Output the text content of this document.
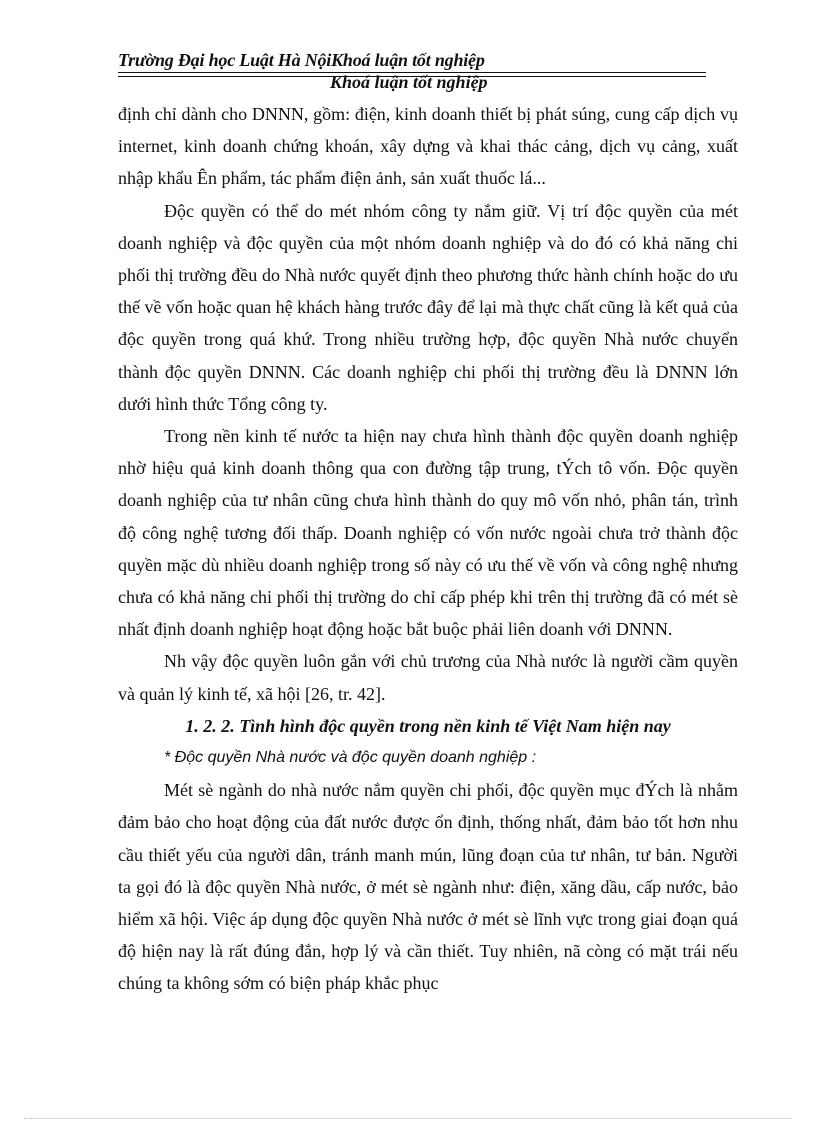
Trường Đại học Luật Hà NộiKhoá luận tốt nghiệp
Khoá luận tốt nghiệp

định chỉ dành cho DNNN, gồm: điện, kinh doanh thiết bị phát súng, cung cấp dịch vụ internet, kinh doanh chứng khoán, xây dựng và khai thác cảng, dịch vụ cảng, xuất nhập khẩu Ên phẩm, tác phẩm điện ảnh, sản xuất thuốc lá...

Độc quyền có thể do mét nhóm công ty nắm giữ. Vị trí độc quyền của mét doanh nghiệp và độc quyền của một nhóm doanh nghiệp và do đó có khả năng chi phối thị trường đều do Nhà nước quyết định theo phương thức hành chính hoặc do ưu thế về vốn hoặc quan hệ khách hàng trước đây để lại mà thực chất cũng là kết quả của độc quyền trong quá khứ. Trong nhiều trường hợp, độc quyền Nhà nước chuyển thành độc quyền DNNN. Các doanh nghiệp chi phối thị trường đều là DNNN lớn dưới hình thức Tổng công ty.

Trong nền kinh tế nước ta hiện nay chưa hình thành độc quyền doanh nghiệp nhờ hiệu quả kinh doanh thông qua con đường tập trung, tÝch tô vốn. Độc quyền doanh nghiệp của tư nhân cũng chưa hình thành do quy mô vốn nhỏ, phân tán, trình độ công nghệ tương đối thấp. Doanh nghiệp có vốn nước ngoài chưa trở thành độc quyền mặc dù nhiều doanh nghiệp trong số này có ưu thế về vốn và công nghệ nhưng chưa có khả năng chi phối thị trường do chỉ cấp phép khi trên thị trường đã có mét sè nhất định doanh nghiệp hoạt động hoặc bắt buộc phải liên doanh với DNNN.

Nh vậy độc quyền luôn gắn với chủ trương của Nhà nước là người cầm quyền và quản lý kinh tế, xã hội [26, tr. 42].

1. 2. 2. Tình hình độc quyền trong nền kinh tế Việt Nam hiện nay

* Độc quyền Nhà nước và độc quyền doanh nghiệp :

Mét sè ngành do nhà nước nắm quyền chi phối, độc quyền mục đÝch là nhằm đảm bảo cho hoạt động của đất nước được ổn định, thống nhất, đảm bảo tốt hơn nhu cầu thiết yếu của người dân, tránh manh mún, lũng đoạn của tư nhân, tư bản. Người ta gọi đó là độc quyền Nhà nước, ở mét sè ngành như: điện, xăng dầu, cấp nước, bảo hiểm xã hội. Việc áp dụng độc quyền Nhà nước ở mét sè lĩnh vực trong giai đoạn quá độ hiện nay là rất đúng đắn, hợp lý và cần thiết. Tuy nhiên, nã còng có mặt trái nếu chúng ta không sớm có biện pháp khắc phục
